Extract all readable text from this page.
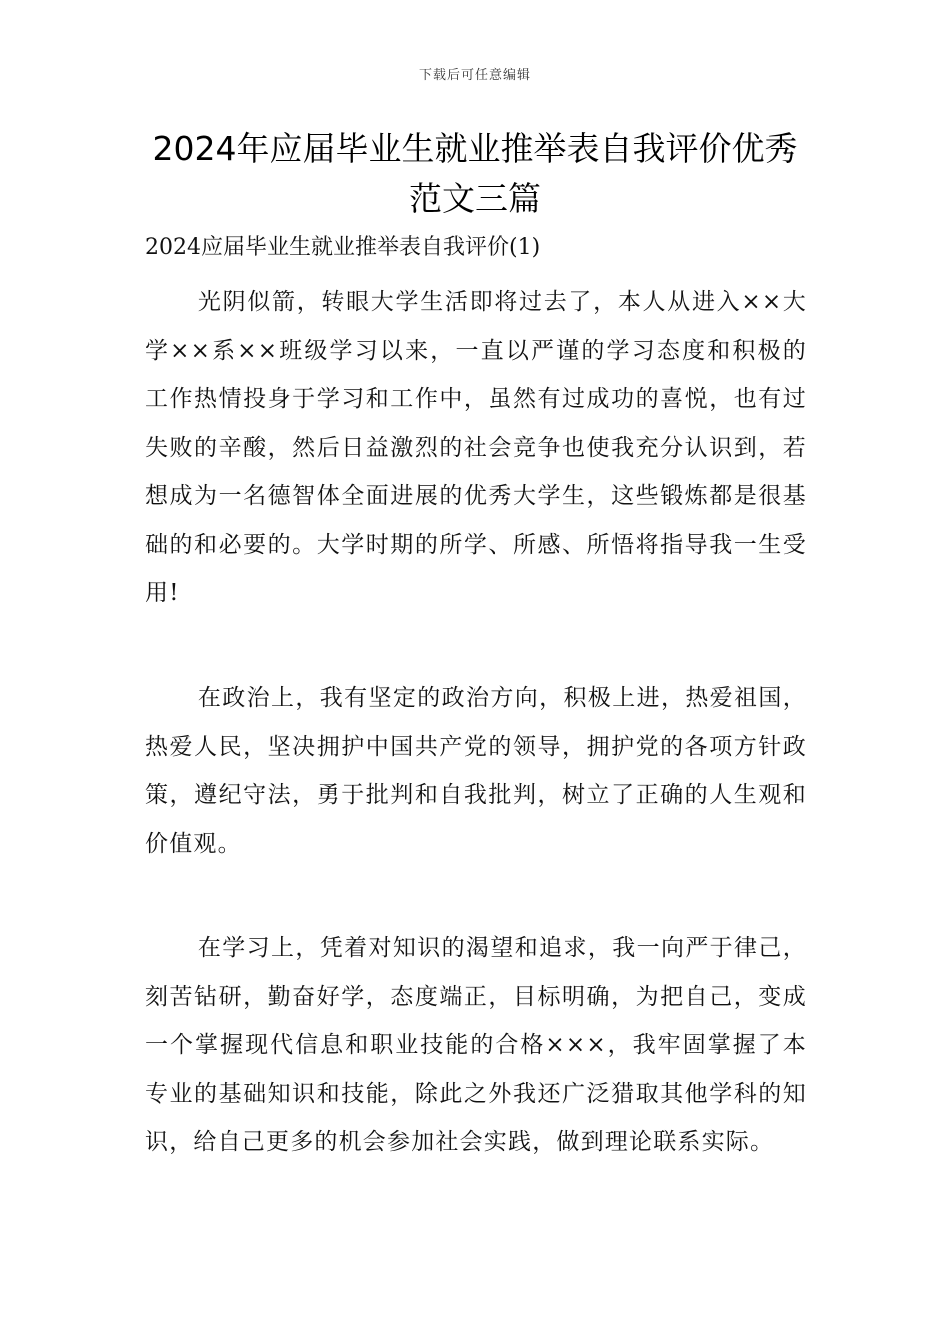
下载后可任意编辑
2024年应届毕业生就业推举表自我评价优秀范文三篇

2024应届毕业生就业推举表自我评价(1)

光阴似箭，转眼大学生活即将过去了，本人从进入××大学××系××班级学习以来，一直以严谨的学习态度和积极的工作热情投身于学习和工作中，虽然有过成功的喜悦，也有过失败的辛酸，然后日益激烈的社会竞争也使我充分认识到，若想成为一名德智体全面进展的优秀大学生，这些锻炼都是很基础的和必要的。大学时期的所学、所感、所悟将指导我一生受用!

在政治上，我有坚定的政治方向，积极上进，热爱祖国，热爱人民，坚决拥护中国共产党的领导，拥护党的各项方针政策，遵纪守法，勇于批判和自我批判，树立了正确的人生观和价值观。

在学习上，凭着对知识的渴望和追求，我一向严于律己，刻苦钻研，勤奋好学，态度端正，目标明确，为把自己，变成一个掌握现代信息和职业技能的合格×××，我牢固掌握了本专业的基础知识和技能，除此之外我还广泛猎取其他学科的知识，给自己更多的机会参加社会实践，做到理论联系实际。
